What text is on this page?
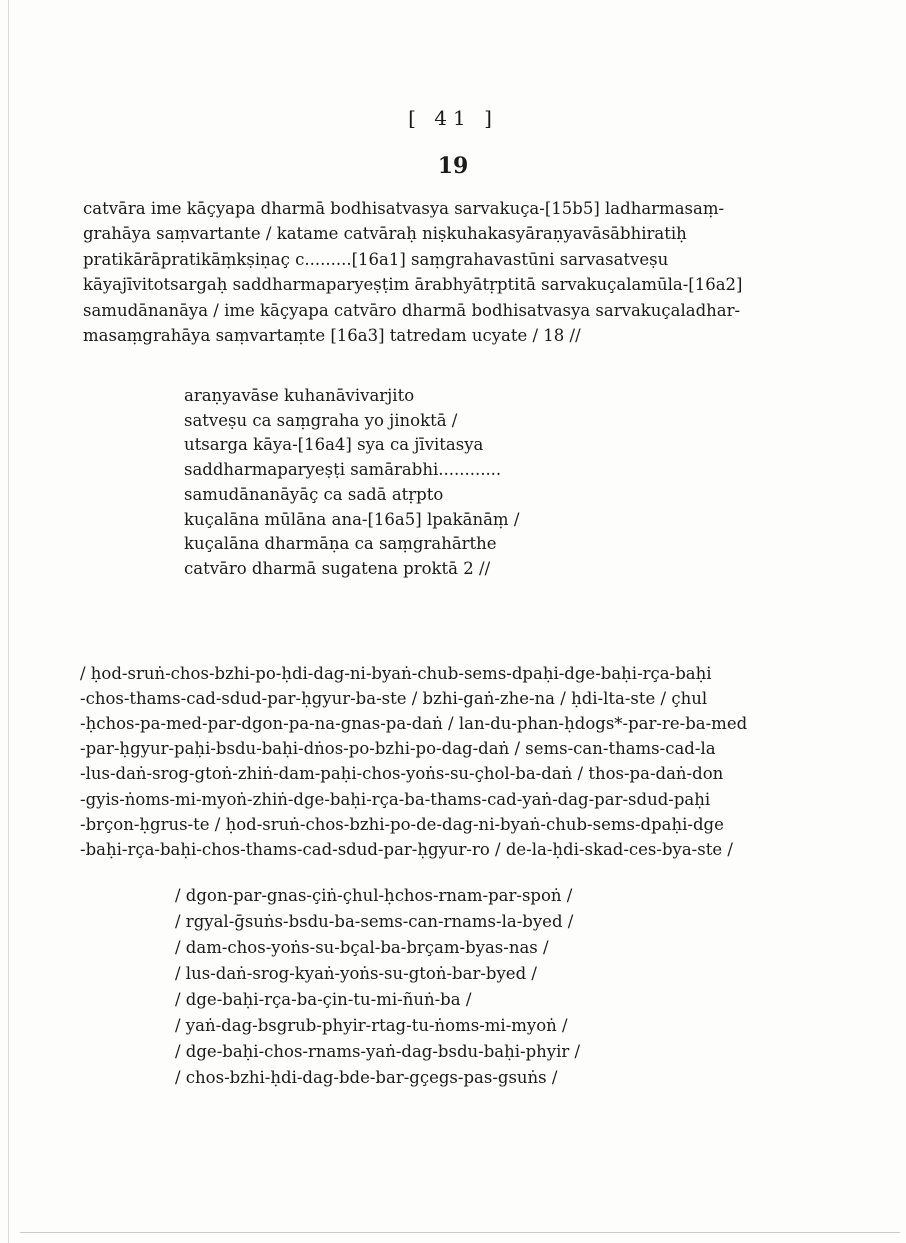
[ 41 ]
19
catvāra ime kāçyapa dharmā bodhisatvasya sarvakuça-[15b5] ladharmasaṃ-
grahāya saṃvartante / katame catvāraḥ niṣkuhakasyāraṇyavāsābhiratiḥ
pratikārāpratikāṃkṣiṇaç c.........[16a1] saṃgrahavastūni sarvasatveṣu
kāyajīvitotsargaḥ saddharmaparyeṣṭim ārabhyātṛptitā sarvakuçalamūla-[16a2]
samudānanāya / ime kāçyapa catvāro dharmā bodhisatvasya sarvakuçaladhar-
masaṃgrahāya saṃvartaṃte [16a3] tatredam ucyate / 18 //
araṇyavāse kuhanāvivarjito
satveṣu ca saṃgraha yo jinoktā /
utsarga kāya-[16a4] sya ca jīvitasya
saddharmaparyeṣṭi samārabhi............
samudānanāyāç ca sadā atṛpto
kuçalāna mūlāna ana-[16a5] lpakānāṃ /
kuçalāna dharmāṇa ca saṃgrahārthe
catvāro dharmā sugatena proktā 2 //
/ ḥod-sruṅ-chos-bzhi-po-ḥdi-dag-ni-byaṅ-chub-sems-dpaḥi-dge-baḥi-rça-baḥi
-chos-thams-cad-sdud-par-ḥgyur-ba-ste / bzhi-gaṅ-zhe-na / ḥdi-lta-ste / çhul
-ḥchos-pa-med-par-dgon-pa-na-gnas-pa-daṅ / lan-du-phan-ḥdogs*-par-re-ba-med
-par-ḥgyur-paḥi-bsdu-baḥi-dṅos-po-bzhi-po-dag-daṅ / sems-can-thams-cad-la
-lus-daṅ-srog-gtoṅ-zhiṅ-dam-paḥi-chos-yoṅs-su-çhol-ba-daṅ / thos-pa-daṅ-don
-gyis-ṅoms-mi-myoṅ-zhiṅ-dge-baḥi-rça-ba-thams-cad-yaṅ-dag-par-sdud-paḥi
-brçon-ḥgrus-te / ḥod-sruṅ-chos-bzhi-po-de-dag-ni-byaṅ-chub-sems-dpaḥi-dge
-baḥi-rça-baḥi-chos-thams-cad-sdud-par-ḥgyur-ro / de-la-ḥdi-skad-ces-bya-ste /
/ dgon-par-gnas-çiṅ-çhul-ḥchos-rnam-par-spoṅ /
/ rgyal-ḡsuṅs-bsdu-ba-sems-can-rnams-la-byed /
/ dam-chos-yoṅs-su-bçal-ba-brçam-byas-nas /
/ lus-daṅ-srog-kyaṅ-yoṅs-su-gtoṅ-bar-byed /
/ dge-baḥi-rça-ba-çin-tu-mi-ñuṅ-ba /
/ yaṅ-dag-bsgrub-phyir-rtag-tu-ṅoms-mi-myoṅ /
/ dge-baḥi-chos-rnams-yaṅ-dag-bsdu-baḥi-phyir /
/ chos-bzhi-ḥdi-dag-bde-bar-gçegs-pas-gsuṅs /
